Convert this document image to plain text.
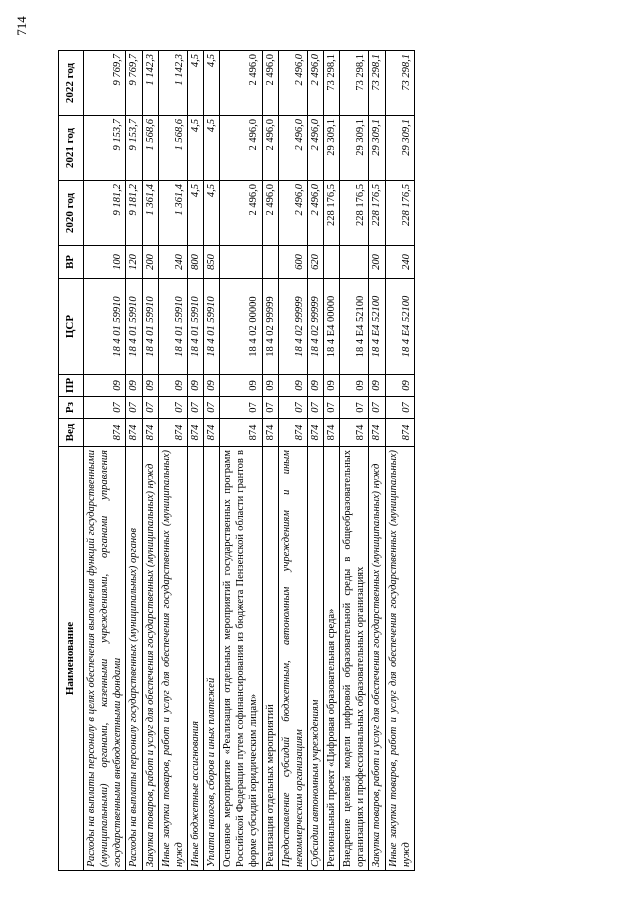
714
Наименование	Вед	Рз	ПР	ЦСР	ВР	2020 год	2021 год	2022 год
Расходы на выплаты персоналу в целях обеспечения выполнения функций государственными (муниципальными) органами, казенными учреждениями, органами управления государственными внебюджетными фондами	874	07	09	18 4 01 59910	100	9 181,2	9 153,7	9 769,7
Расходы на выплаты персоналу государственных (муниципальных) органов	874	07	09	18 4 01 59910	120	9 181,2	9 153,7	9 769,7
Закупка товаров, работ и услуг для обеспечения государственных (муниципальных) нужд	874	07	09	18 4 01 59910	200	1 361,4	1 568,6	1 142,3
Иные закупки товаров, работ и услуг для обеспечения государственных (муниципальных) нужд	874	07	09	18 4 01 59910	240	1 361,4	1 568,6	1 142,3
Иные бюджетные ассигнования	874	07	09	18 4 01 59910	800	4,5	4,5	4,5
Уплата налогов, сборов и иных платежей	874	07	09	18 4 01 59910	850	4,5	4,5	4,5
Основное мероприятие «Реализация отдельных мероприятий государственных программ Российской Федерации путем софинансирования из бюджета Пензенской области грантов в форме субсидий юридическим лицам»	874	07	09	18 4 02 00000		2 496,0	2 496,0	2 496,0
Реализация отдельных мероприятий	874	07	09	18 4 02 99999		2 496,0	2 496,0	2 496,0
Предоставление субсидий бюджетным, автономным учреждениям и иным некоммерческим организациям	874	07	09	18 4 02 99999	600	2 496,0	2 496,0	2 496,0
Субсидии автономным учреждениям	874	07	09	18 4 02 99999	620	2 496,0	2 496,0	2 496,0
Региональный проект «Цифровая образовательная среда»	874	07	09	18 4 E4 00000		228 176,5	29 309,1	73 298,1
Внедрение целевой модели цифровой образовательной среды в общеобразовательных организациях и профессиональных образовательных организациях	874	07	09	18 4 E4 52100		228 176,5	29 309,1	73 298,1
Закупка товаров, работ и услуг для обеспечения государственных (муниципальных) нужд	874	07	09	18 4 E4 52100	200	228 176,5	29 309,1	73 298,1
Иные закупки товаров, работ и услуг для обеспечения государственных (муниципальных) нужд	874	07	09	18 4 E4 52100	240	228 176,5	29 309,1	73 298,1
